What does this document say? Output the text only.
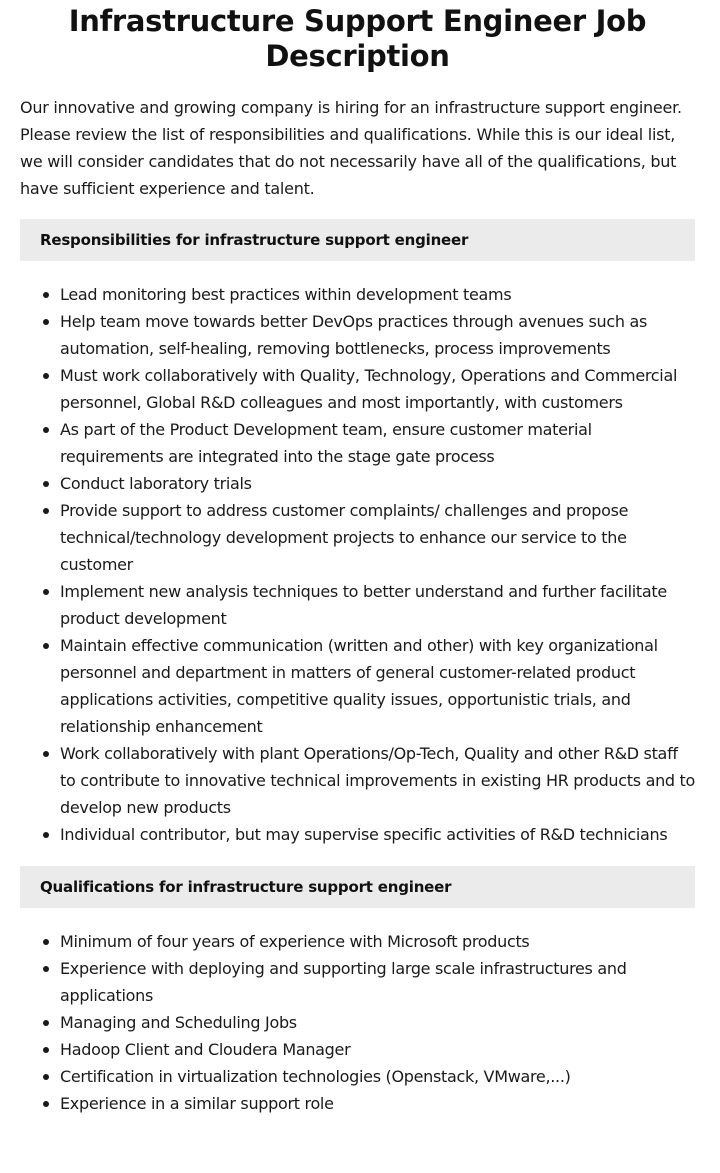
Infrastructure Support Engineer Job Description

Our innovative and growing company is hiring for an infrastructure support engineer. Please review the list of responsibilities and qualifications. While this is our ideal list, we will consider candidates that do not necessarily have all of the qualifications, but have sufficient experience and talent.

Responsibilities for infrastructure support engineer
Lead monitoring best practices within development teams
Help team move towards better DevOps practices through avenues such as automation, self-healing, removing bottlenecks, process improvements
Must work collaboratively with Quality, Technology, Operations and Commercial personnel, Global R&D colleagues and most importantly, with customers
As part of the Product Development team, ensure customer material requirements are integrated into the stage gate process
Conduct laboratory trials
Provide support to address customer complaints/ challenges and propose technical/technology development projects to enhance our service to the customer
Implement new analysis techniques to better understand and further facilitate product development
Maintain effective communication (written and other) with key organizational personnel and department in matters of general customer-related product applications activities, competitive quality issues, opportunistic trials, and relationship enhancement
Work collaboratively with plant Operations/Op-Tech, Quality and other R&D staff to contribute to innovative technical improvements in existing HR products and to develop new products
Individual contributor, but may supervise specific activities of R&D technicians
Qualifications for infrastructure support engineer
Minimum of four years of experience with Microsoft products
Experience with deploying and supporting large scale infrastructures and applications
Managing and Scheduling Jobs
Hadoop Client and Cloudera Manager
Certification in virtualization technologies (Openstack, VMware,...)
Experience in a similar support role
